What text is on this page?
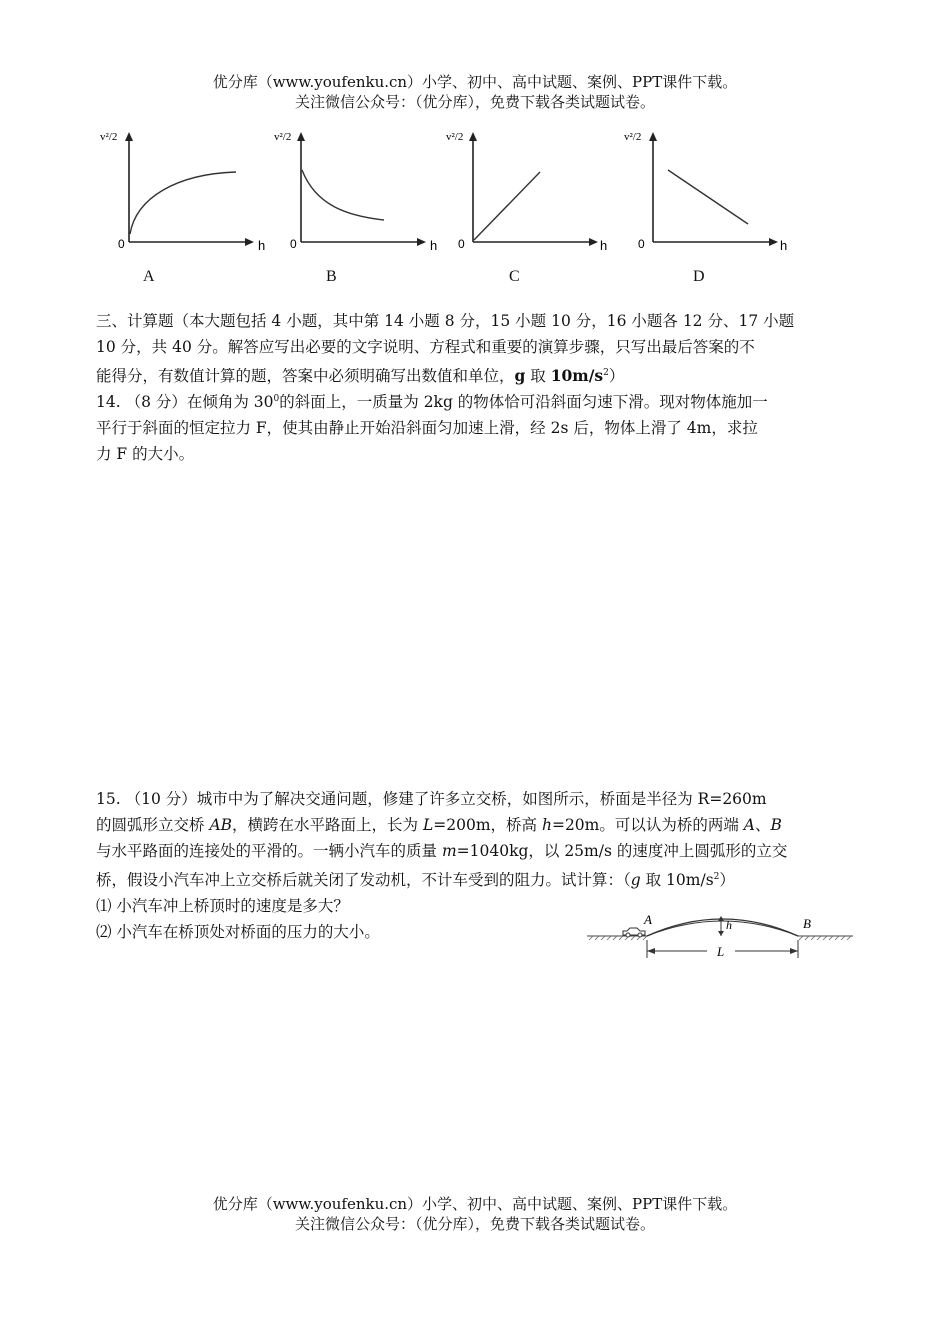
优分库（www.youfenku.cn）小学、初中、高中试题、案例、PPT课件下载。
关注微信公众号：（优分库），免费下载各类试题试卷。
v²/2
0	h
v²/2
0	h
v²/2
0	h
v²/2
0	h
A	B	C	D
三、计算题（本大题包括 4 小题，其中第 14 小题 8 分，15 小题 10 分，16 小题各 12 分、17 小题
10 分，共 40 分。解答应写出必要的文字说明、方程式和重要的演算步骤，只写出最后答案的不
能得分，有数值计算的题，答案中必须明确写出数值和单位，g 取 $10m/s^2$）
14. （8 分）在倾角为 $30^0$的斜面上，一质量为 2kg 的物体恰可沿斜面匀速下滑。现对物体施加一
平行于斜面的恒定拉力 F，使其由静止开始沿斜面匀加速上滑，经 2s 后，物体上滑了 4m，求拉
力 F 的大小。
15. （10 分）城市中为了解决交通问题，修建了许多立交桥，如图所示，桥面是半径为 R=260m
的圆弧形立交桥 AB，横跨在水平路面上，长为 L=200m，桥高 h=20m。可以认为桥的两端 A、B
与水平路面的连接处的平滑的。一辆小汽车的质量 m=1040kg，以 25m/s 的速度冲上圆弧形的立交
桥，假设小汽车冲上立交桥后就关闭了发动机，不计车受到的阻力。试计算：（g 取 $10m/s^2$）
⑴ 小汽车冲上桥顶时的速度是多大？
⑵ 小汽车在桥顶处对桥面的压力的大小。
A	B
h
L
优分库（www.youfenku.cn）小学、初中、高中试题、案例、PPT课件下载。
关注微信公众号：（优分库），免费下载各类试题试卷。
